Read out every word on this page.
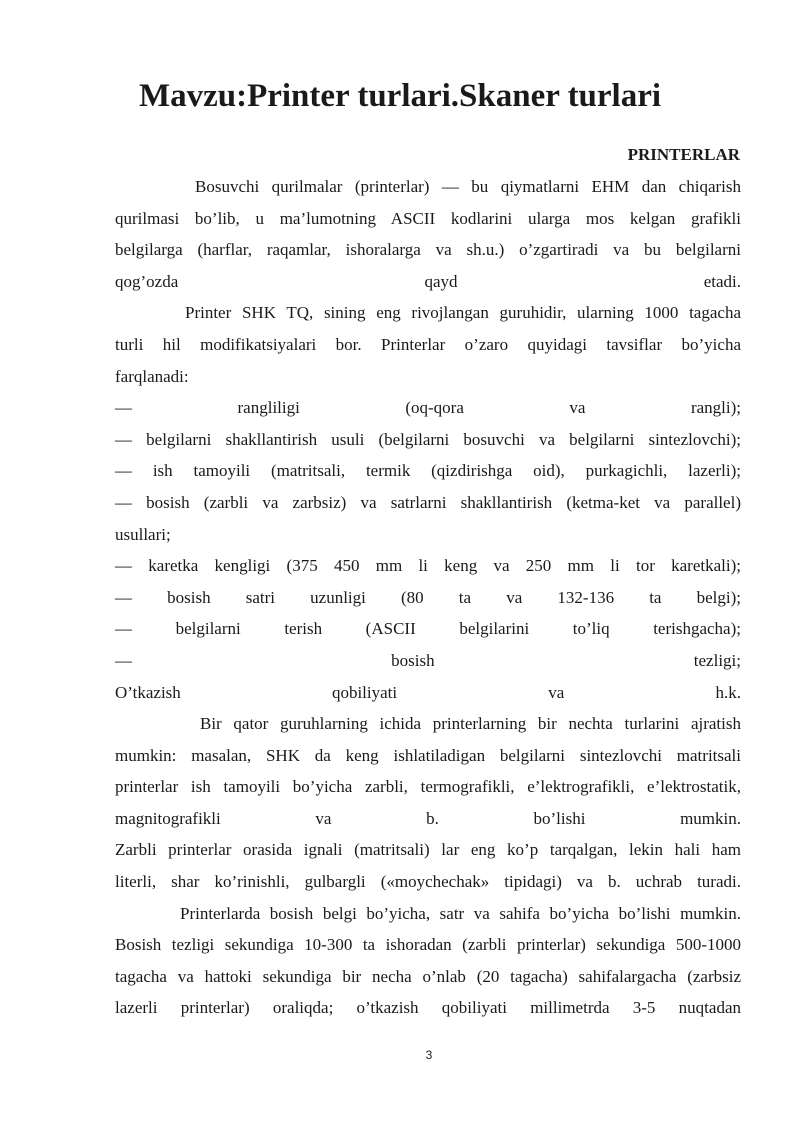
Mavzu:Printer turlari.Skaner turlari
PRINTERLAR
Bosuvchi qurilmalar (printerlar) — bu qiymatlarni EHM dan chiqarish
qurilmasi bo’lib, u ma’lumotning ASCII kodlarini ularga mos kelgan grafikli
belgilarga (harflar, raqamlar, ishoralarga va sh.u.) o’zgartiradi va bu belgilarni
qog’ozda qayd etadi.
Printer SHK TQ, sining eng rivojlangan guruhidir, ularning 1000 tagacha
turli hil modifikatsiyalari bor. Printerlar o’zaro quyidagi tavsiflar bo’yicha
farqlanadi:
— rangliligi (oq-qora va rangli);
— belgilarni shakllantirish usuli (belgilarni bosuvchi va belgilarni sintezlovchi);
— ish tamoyili (matritsali, termik (qizdirishga oid), purkagichli, lazerli);
— bosish (zarbli va zarbsiz) va satrlarni shakllantirish (ketma-ket va parallel)
usullari;
— karetka kengligi (375 450 mm li keng va 250 mm li tor karetkali);
— bosish satri uzunligi (80 ta va 132-136 ta belgi);
— belgilarni terish (ASCII belgilarini to’liq terishgacha);
— bosish tezligi;
O’tkazish qobiliyati va h.k.
Bir qator guruhlarning ichida printerlarning bir nechta turlarini ajratish
mumkin: masalan, SHK da keng ishlatiladigan belgilarni sintezlovchi matritsali
printerlar ish tamoyili bo’yicha zarbli, termografikli, e’lektrografikli, e’lektrostatik,
magnitografikli va b. bo’lishi mumkin.
Zarbli printerlar orasida ignali (matritsali) lar eng ko’p tarqalgan, lekin hali ham
literli, shar ko’rinishli, gulbargli («moychechak» tipidagi) va b. uchrab turadi.
Printerlarda bosish belgi bo’yicha, satr va sahifa bo’yicha bo’lishi mumkin.
Bosish tezligi sekundiga 10-300 ta ishoradan (zarbli printerlar) sekundiga 500-1000
tagacha va hattoki sekundiga bir necha o’nlab (20 tagacha) sahifalargacha (zarbsiz
lazerli printerlar) oraliqda; o’tkazish qobiliyati millimetrda 3-5 nuqtadan
3
